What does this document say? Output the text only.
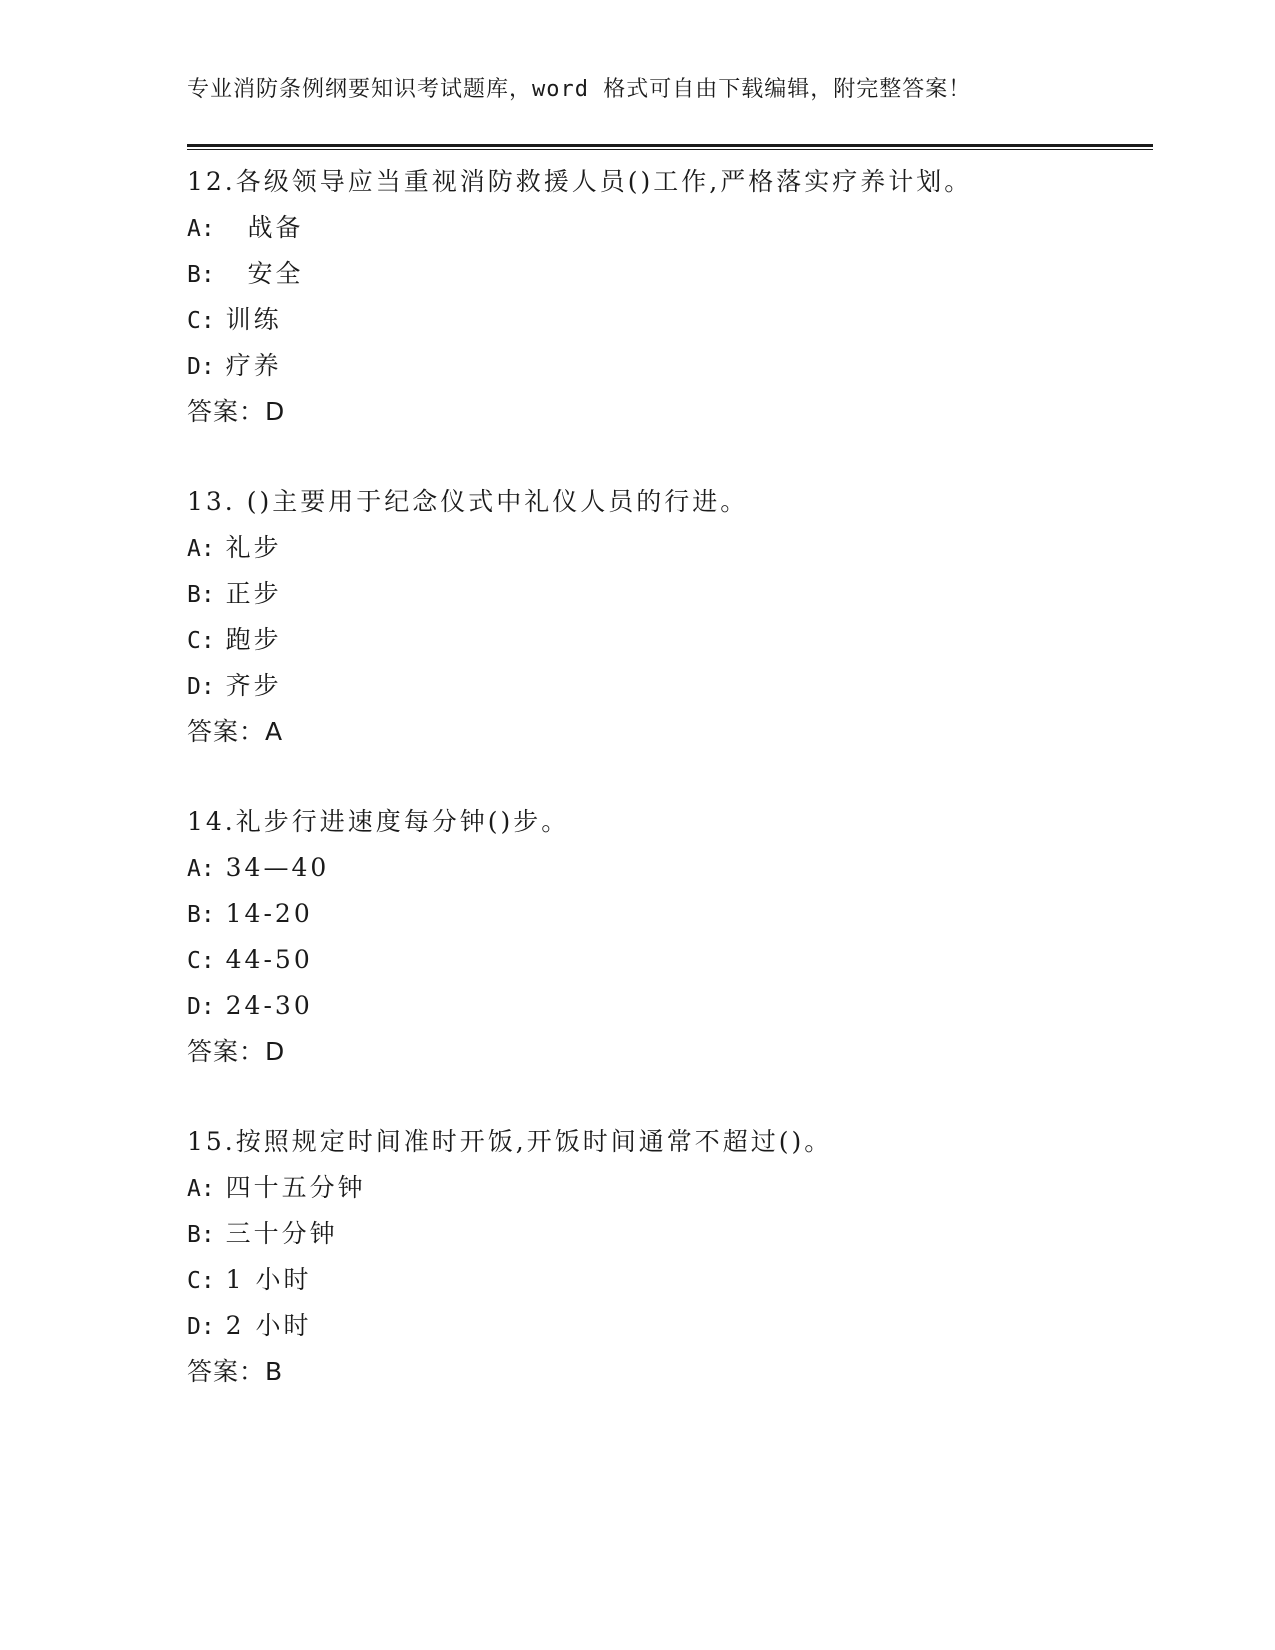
专业消防条例纲要知识考试题库，word 格式可自由下载编辑，附完整答案！
12.各级领导应当重视消防救援人员()工作,严格落实疗养计划。
A:   战备
B:   安全
C: 训练
D: 疗养
答案：D
13. ()主要用于纪念仪式中礼仪人员的行进。
A: 礼步
B: 正步
C: 跑步
D: 齐步
答案：A
14.礼步行进速度每分钟()步。
A: 34—40
B: 14-20
C: 44-50
D: 24-30
答案：D
15.按照规定时间准时开饭,开饭时间通常不超过()。
A: 四十五分钟
B: 三十分钟
C: 1 小时
D: 2 小时
答案：B
